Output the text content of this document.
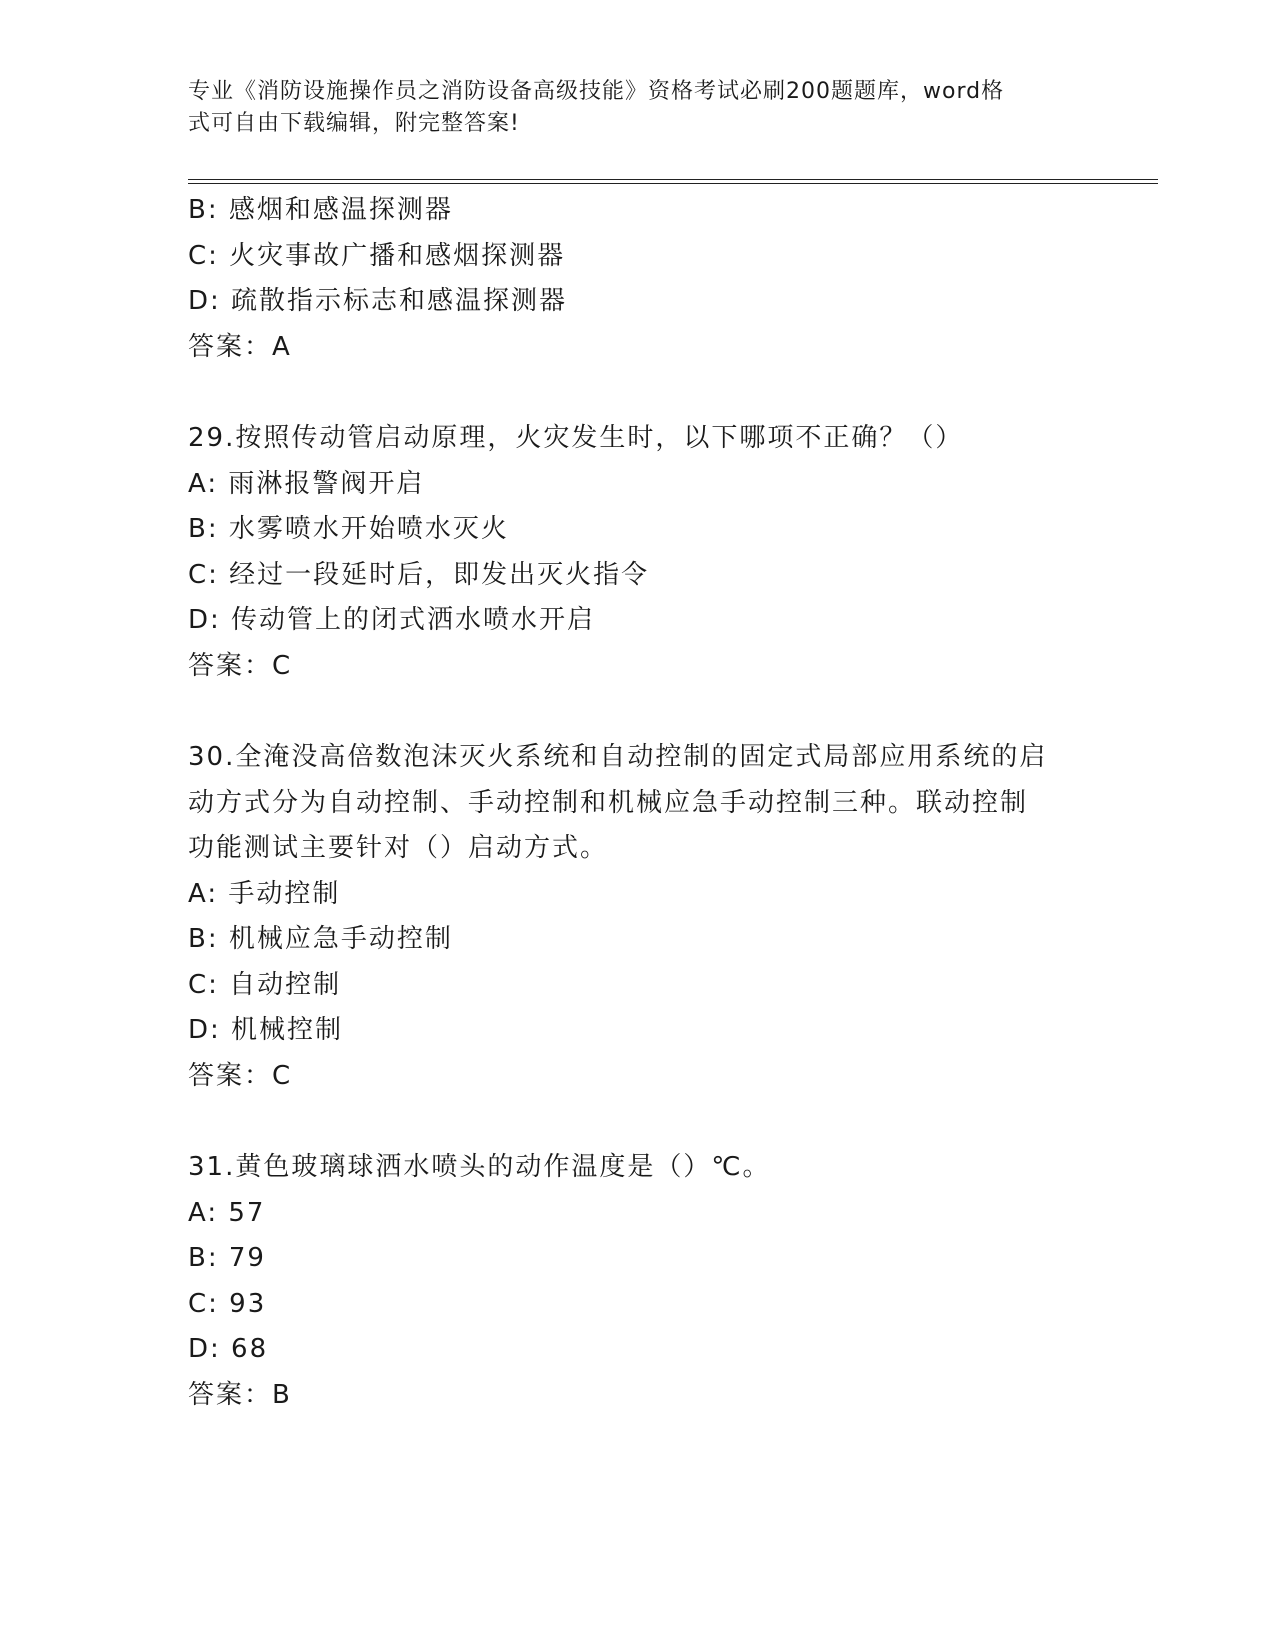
专业《消防设施操作员之消防设备高级技能》资格考试必刷200题题库，word格
式可自由下载编辑，附完整答案!
B: 感烟和感温探测器
C: 火灾事故广播和感烟探测器
D: 疏散指示标志和感温探测器
答案：A
29.按照传动管启动原理，火灾发生时，以下哪项不正确？（）
A: 雨淋报警阀开启
B: 水雾喷水开始喷水灭火
C: 经过一段延时后，即发出灭火指令
D: 传动管上的闭式洒水喷水开启
答案：C
30.全淹没高倍数泡沫灭火系统和自动控制的固定式局部应用系统的启
动方式分为自动控制、手动控制和机械应急手动控制三种。联动控制
功能测试主要针对（）启动方式。
A: 手动控制
B: 机械应急手动控制
C: 自动控制
D: 机械控制
答案：C
31.黄色玻璃球洒水喷头的动作温度是（）℃。
A: 57
B: 79
C: 93
D: 68
答案：B
